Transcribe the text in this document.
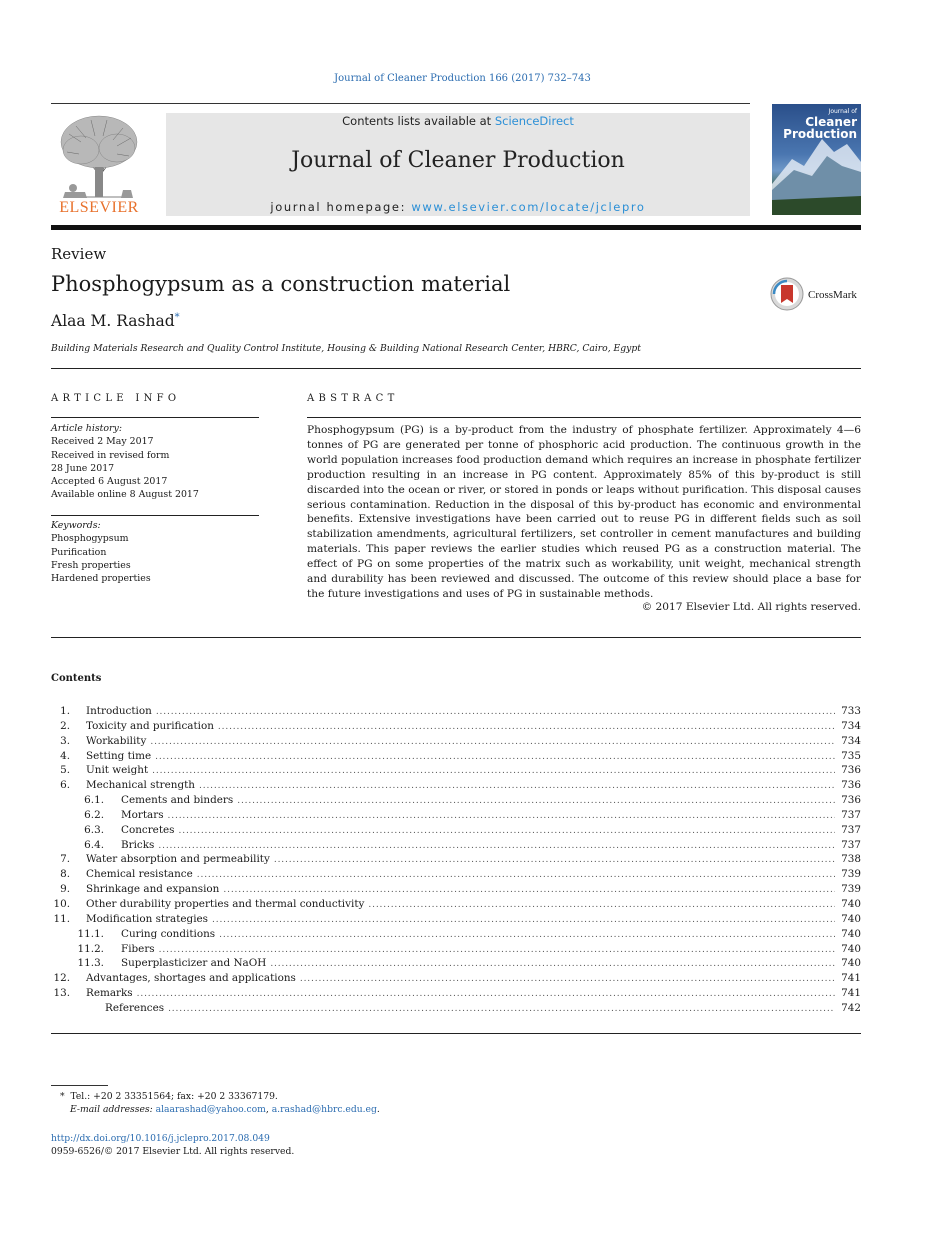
Journal of Cleaner Production 166 (2017) 732–743
ELSEVIER
Contents lists available at ScienceDirect
Journal of Cleaner Production
journal homepage: www.elsevier.com/locate/jclepro
Journal of
Cleaner
Production
Review
Phosphogypsum as a construction material	CrossMark
Alaa M. Rashad*
Building Materials Research and Quality Control Institute, Housing & Building National Research Center, HBRC, Cairo, Egypt
ARTICLE INFO
Article history:
Received 2 May 2017
Received in revised form
28 June 2017
Accepted 6 August 2017
Available online 8 August 2017
Keywords:
Phosphogypsum
Purification
Fresh properties
Hardened properties
ABSTRACT
Phosphogypsum (PG) is a by-product from the industry of phosphate fertilizer. Approximately 4—6 tonnes of PG are generated per tonne of phosphoric acid production. The continuous growth in the world population increases food production demand which requires an increase in phosphate fertilizer production resulting in an increase in PG content. Approximately 85% of this by-product is still discarded into the ocean or river, or stored in ponds or leaps without purification. This disposal causes serious contamination. Reduction in the disposal of this by-product has economic and environmental benefits. Extensive investigations have been carried out to reuse PG in different fields such as soil stabilization amendments, agricultural fertilizers, set controller in cement manufactures and building materials. This paper reviews the earlier studies which reused PG as a construction material. The effect of PG on some properties of the matrix such as workability, unit weight, mechanical strength and durability has been reviewed and discussed. The outcome of this review should place a base for the future investigations and uses of PG in sustainable methods.
© 2017 Elsevier Ltd. All rights reserved.
Contents
1.	Introduction . . .	733
2.	Toxicity and purification . . .	734
3.	Workability . . .	734
4.	Setting time . . .	735
5.	Unit weight . . .	736
6.	Mechanical strength . . .	736
6.1.	Cements and binders . . .	736
6.2.	Mortars . . .	737
6.3.	Concretes . . .	737
6.4.	Bricks . . .	737
7.	Water absorption and permeability . . .	738
8.	Chemical resistance . . .	739
9.	Shrinkage and expansion . . .	739
10.	Other durability properties and thermal conductivity . . .	740
11.	Modification strategies . . .	740
11.1.	Curing conditions . . .	740
11.2.	Fibers . . .	740
11.3.	Superplasticizer and NaOH . . .	740
12.	Advantages, shortages and applications . . .	741
13.	Remarks . . .	741
References . . .	742
* Tel.: +20 2 33351564; fax: +20 2 33367179.
E-mail addresses: alaarashad@yahoo.com, a.rashad@hbrc.edu.eg.
http://dx.doi.org/10.1016/j.jclepro.2017.08.049
0959-6526/© 2017 Elsevier Ltd. All rights reserved.
